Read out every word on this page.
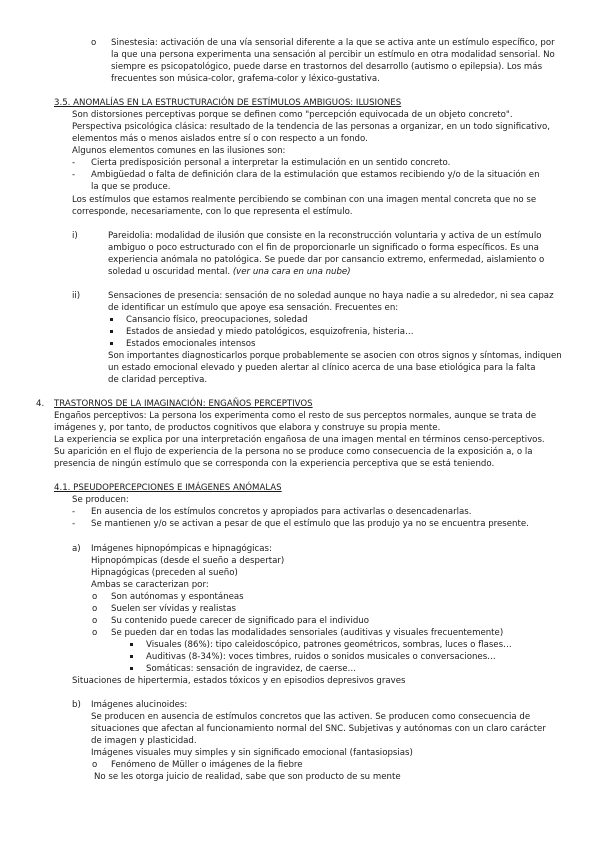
o Sinestesia: activación de una vía sensorial diferente a la que se activa ante un estímulo específico, por
la que una persona experimenta una sensación al percibir un estímulo en otra modalidad sensorial. No
siempre es psicopatológico, puede darse en trastornos del desarrollo (autismo o epilepsia). Los más
frecuentes son música-color, grafema-color y léxico-gustativa.
3.5. ANOMALÍAS EN LA ESTRUCTURACIÓN DE ESTÍMULOS AMBIGUOS: ILUSIONES
Son distorsiones perceptivas porque se definen como "percepción equivocada de un objeto concreto".
Perspectiva psicológica clásica: resultado de la tendencia de las personas a organizar, en un todo significativo,
elementos más o menos aislados entre sí o con respecto a un fondo.
Algunos elementos comunes en las ilusiones son:
- Cierta predisposición personal a interpretar la estimulación en un sentido concreto.
- Ambigüedad o falta de definición clara de la estimulación que estamos recibiendo y/o de la situación en
la que se produce.
Los estímulos que estamos realmente percibiendo se combinan con una imagen mental concreta que no se
corresponde, necesariamente, con lo que representa el estímulo.
i)	Pareidolia: modalidad de ilusión que consiste en la reconstrucción voluntaria y activa de un estímulo
ambiguo o poco estructurado con el fin de proporcionarle un significado o forma específicos. Es una
experiencia anómala no patológica. Se puede dar por cansancio extremo, enfermedad, aislamiento o
soledad u oscuridad mental. (ver una cara en una nube)
ii)	Sensaciones de presencia: sensación de no soledad aunque no haya nadie a su alrededor, ni sea capaz
de identificar un estímulo que apoye esa sensación. Frecuentes en:
Cansancio físico, preocupaciones, soledad
Estados de ansiedad y miedo patológicos, esquizofrenia, histeria…
Estados emocionales intensos
Son importantes diagnosticarlos porque probablemente se asocien con otros signos y síntomas, indiquen
un estado emocional elevado y pueden alertar al clínico acerca de una base etiológica para la falta
de claridad perceptiva.
4. TRASTORNOS DE LA IMAGINACIÓN: ENGAÑOS PERCEPTIVOS
Engaños perceptivos: La persona los experimenta como el resto de sus perceptos normales, aunque se trata de
imágenes y, por tanto, de productos cognitivos que elabora y construye su propia mente.
La experiencia se explica por una interpretación engañosa de una imagen mental en términos censo-perceptivos.
Su aparición en el flujo de experiencia de la persona no se produce como consecuencia de la exposición a, o la
presencia de ningún estímulo que se corresponda con la experiencia perceptiva que se está teniendo.
4.1. PSEUDOPERCEPCIONES E IMÁGENES ANÓMALAS
Se producen:
- En ausencia de los estímulos concretos y apropiados para activarlas o desencadenarlas.
- Se mantienen y/o se activan a pesar de que el estímulo que las produjo ya no se encuentra presente.
a) Imágenes hipnopómpicas e hipnagógicas:
Hipnopómpicas (desde el sueño a despertar)
Hipnagógicas (preceden al sueño)
Ambas se caracterizan por:
o Son autónomas y espontáneas
o Suelen ser vívidas y realistas
o Su contenido puede carecer de significado para el individuo
o Se pueden dar en todas las modalidades sensoriales (auditivas y visuales frecuentemente)
Visuales (86%): tipo caleidoscópico, patrones geométricos, sombras, luces o flases…
Auditivas (8-34%): voces timbres, ruidos o sonidos musicales o conversaciones…
Somáticas: sensación de ingravidez, de caerse…
Situaciones de hipertermia, estados tóxicos y en episodios depresivos graves
b) Imágenes alucinoides:
Se producen en ausencia de estímulos concretos que las activen. Se producen como consecuencia de
situaciones que afectan al funcionamiento normal del SNC. Subjetivas y autónomas con un claro carácter
de imagen y plasticidad.
Imágenes visuales muy simples y sin significado emocional (fantasiopsias)
o Fenómeno de Müller o imágenes de la fiebre
No se les otorga juicio de realidad, sabe que son producto de su mente
